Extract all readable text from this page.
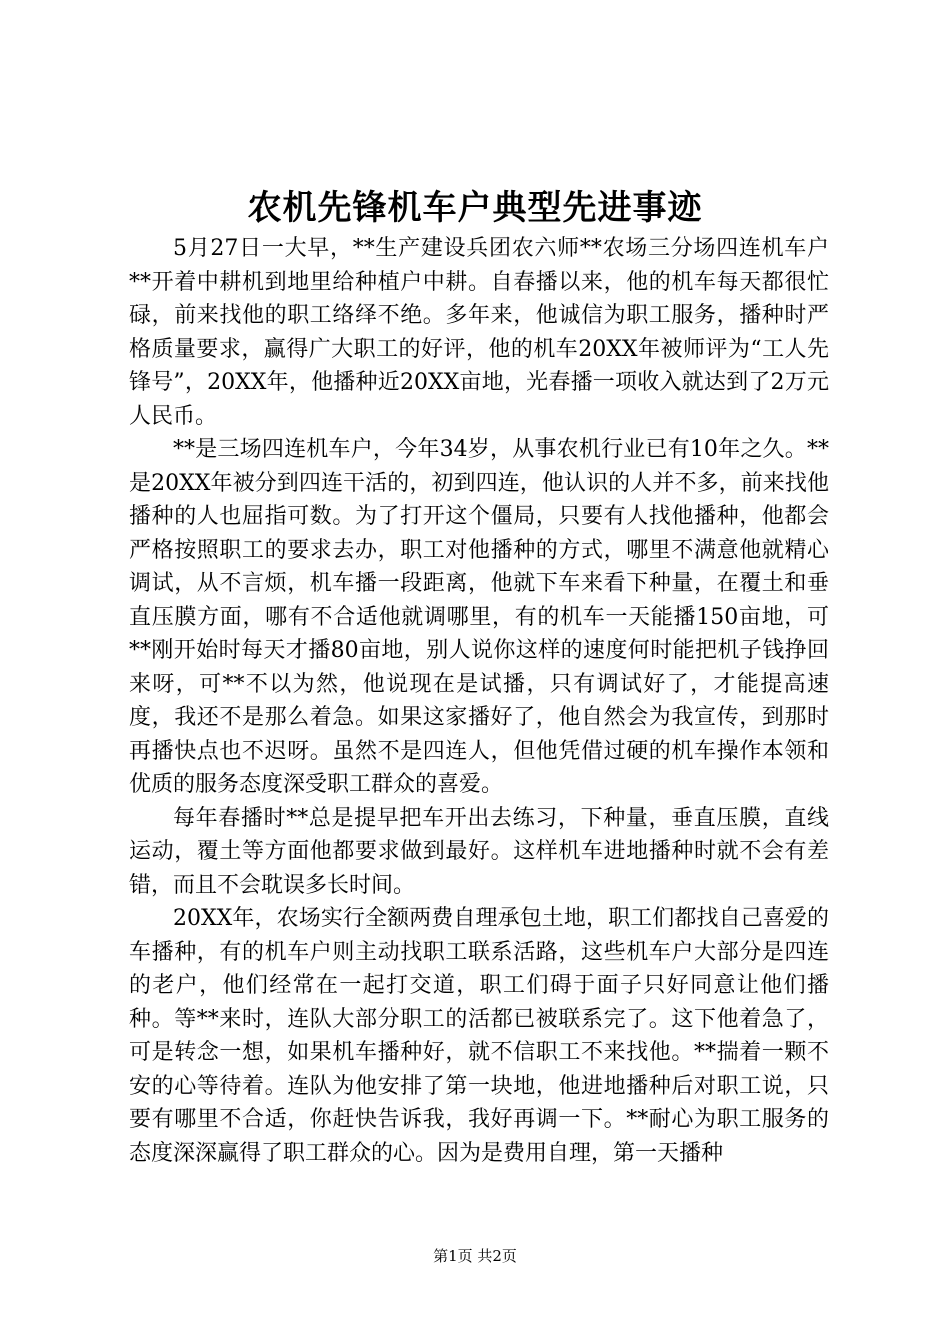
农机先锋机车户典型先进事迹

5月27日一大早，**生产建设兵团农六师**农场三分场四连机车户**开着中耕机到地里给种植户中耕。自春播以来，他的机车每天都很忙碌，前来找他的职工络绎不绝。多年来，他诚信为职工服务，播种时严格质量要求，赢得广大职工的好评，他的机车20XX年被师评为“工人先锋号”，20XX年，他播种近20XX亩地，光春播一项收入就达到了2万元人民币。

**是三场四连机车户，今年34岁，从事农机行业已有10年之久。**是20XX年被分到四连干活的，初到四连，他认识的人并不多，前来找他播种的人也屈指可数。为了打开这个僵局，只要有人找他播种，他都会严格按照职工的要求去办，职工对他播种的方式，哪里不满意他就精心调试，从不言烦，机车播一段距离，他就下车来看下种量，在覆土和垂直压膜方面，哪有不合适他就调哪里，有的机车一天能播150亩地，可**刚开始时每天才播80亩地，别人说你这样的速度何时能把机子钱挣回来呀，可**不以为然，他说现在是试播，只有调试好了，才能提高速度，我还不是那么着急。如果这家播好了，他自然会为我宣传，到那时再播快点也不迟呀。虽然不是四连人，但他凭借过硬的机车操作本领和优质的服务态度深受职工群众的喜爱。

每年春播时**总是提早把车开出去练习，下种量，垂直压膜，直线运动，覆土等方面他都要求做到最好。这样机车进地播种时就不会有差错，而且不会耽误多长时间。

20XX年，农场实行全额两费自理承包土地，职工们都找自己喜爱的车播种，有的机车户则主动找职工联系活路，这些机车户大部分是四连的老户，他们经常在一起打交道，职工们碍于面子只好同意让他们播种。等**来时，连队大部分职工的活都已被联系完了。这下他着急了，可是转念一想，如果机车播种好，就不信职工不来找他。**揣着一颗不安的心等待着。连队为他安排了第一块地，他进地播种后对职工说，只要有哪里不合适，你赶快告诉我，我好再调一下。**耐心为职工服务的态度深深赢得了职工群众的心。因为是费用自理，第一天播种

第1页 共2页
